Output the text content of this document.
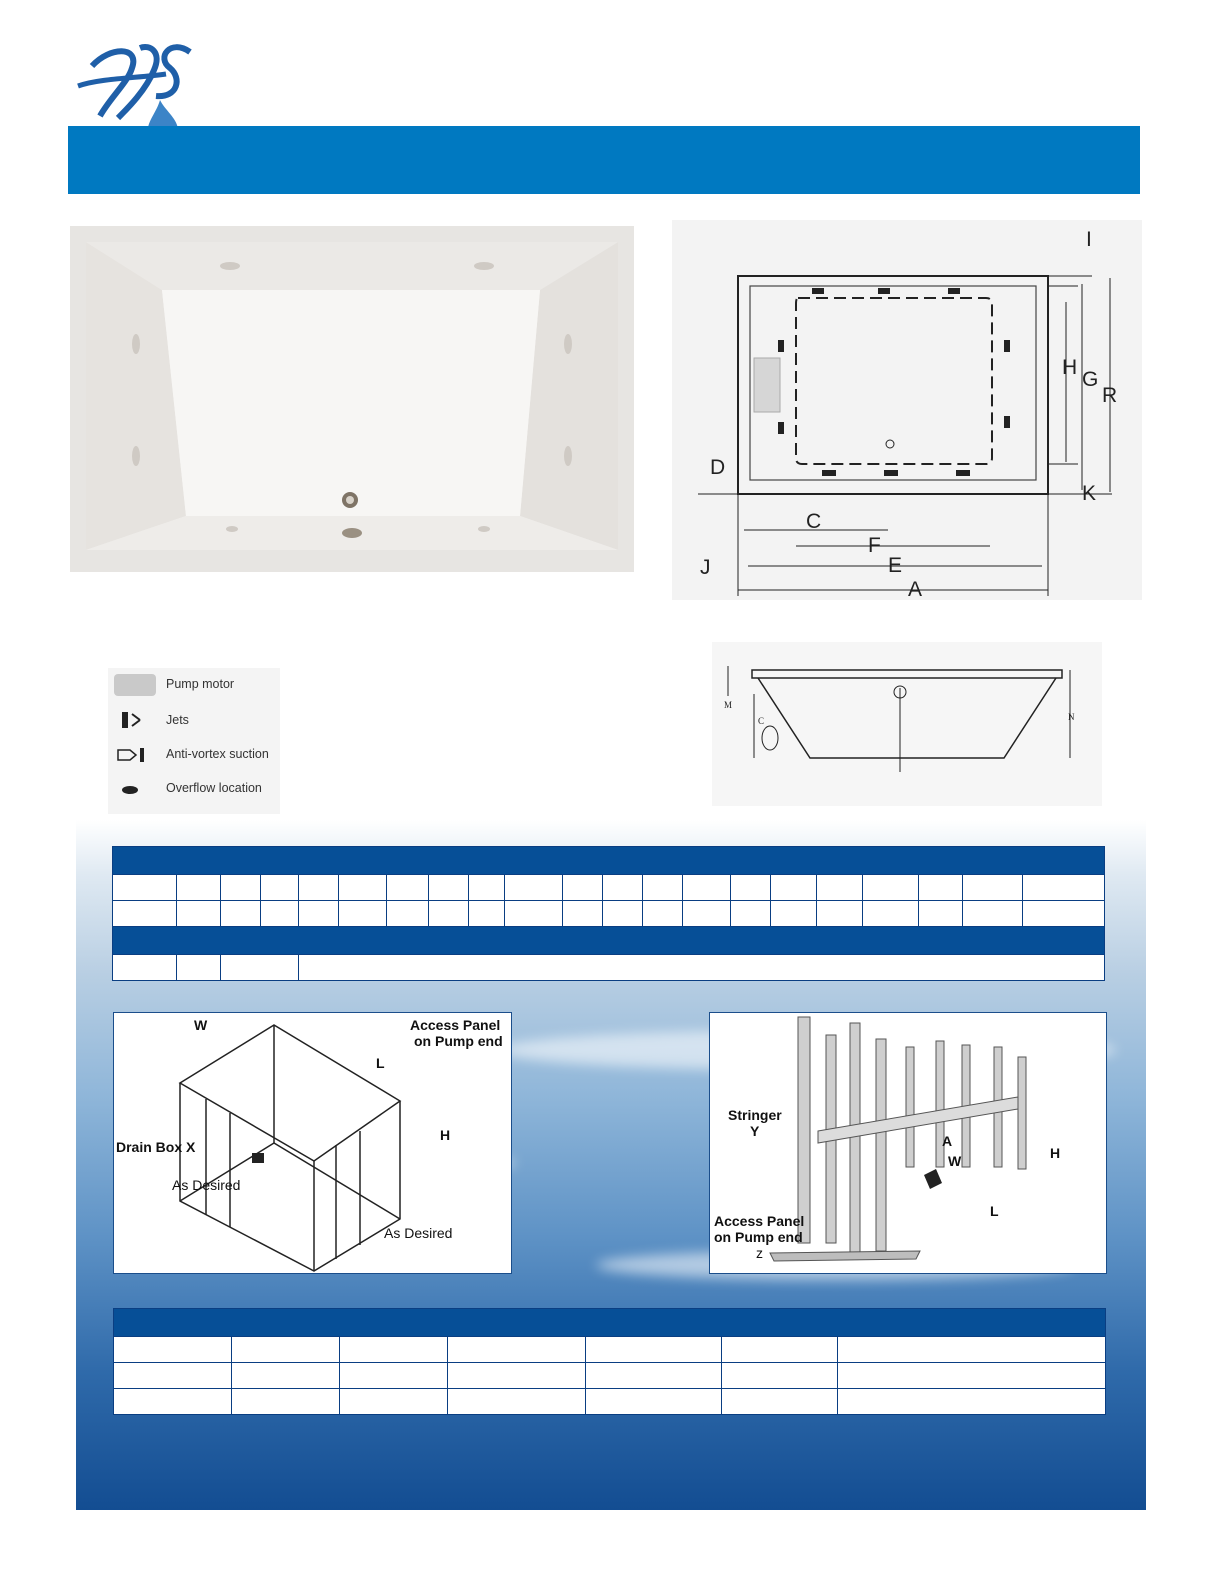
I
H
G
R
K
D
C
F
J	E
A
Pump motor
Jets
Anti-vortex suction
Overflow location
M
C	N

W	Access Panel
on Pump end
L
H
Drain Box X
As Desired
As Desired
Stringer
Y
A
W	H
L
Access Panel
on Pump end
z
